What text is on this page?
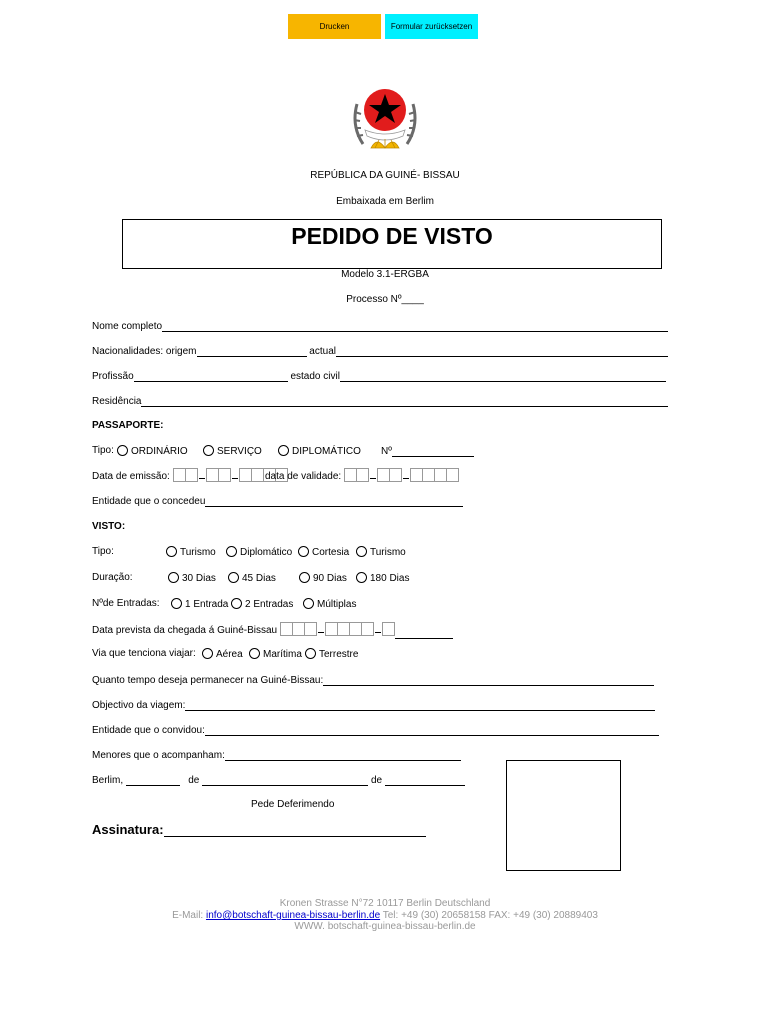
Drucken	Formular zurücksetzen
REPÚBLICA DA GUINÉ- BISSAU
Embaixada em Berlim
PEDIDO DE VISTO
Modelo 3.1-ERGBA
Processo Nº____
Nome completo
Nacionalidades: origem	actual
Profissão	estado civil
Residência
PASSAPORTE:
Tipo:	ORDINÁRIO	SERVIÇO	DIPLOMÁTICO Nº
Data de emissão:	data de validade:
Entidade que o concedeu
VISTO:
Tipo:	Turismo	Diplomático	Cortesia	Turismo
Duração:	30 Dias	45 Dias	90 Dias	180 Dias
Nºde Entradas:	1 Entrada	2 Entradas	Múltiplas
Data prevista da chegada á Guiné-Bissau
Via que tenciona viajar:	Aérea	Marítima	Terrestre
Quanto tempo deseja permanecer na Guiné-Bissau:
Objectivo da viagem:
Entidade que o convidou:
Menores que o acompanham:
Berlim,	de	de
Pede Deferimendo
Assinatura:
Kronen Strasse N°72 10117 Berlin Deutschland
E-Mail: info@botschaft-guinea-bissau-berlin.de Tel: +49 (30) 20658158 FAX: +49 (30) 20889403
WWW. botschaft-guinea-bissau-berlin.de
